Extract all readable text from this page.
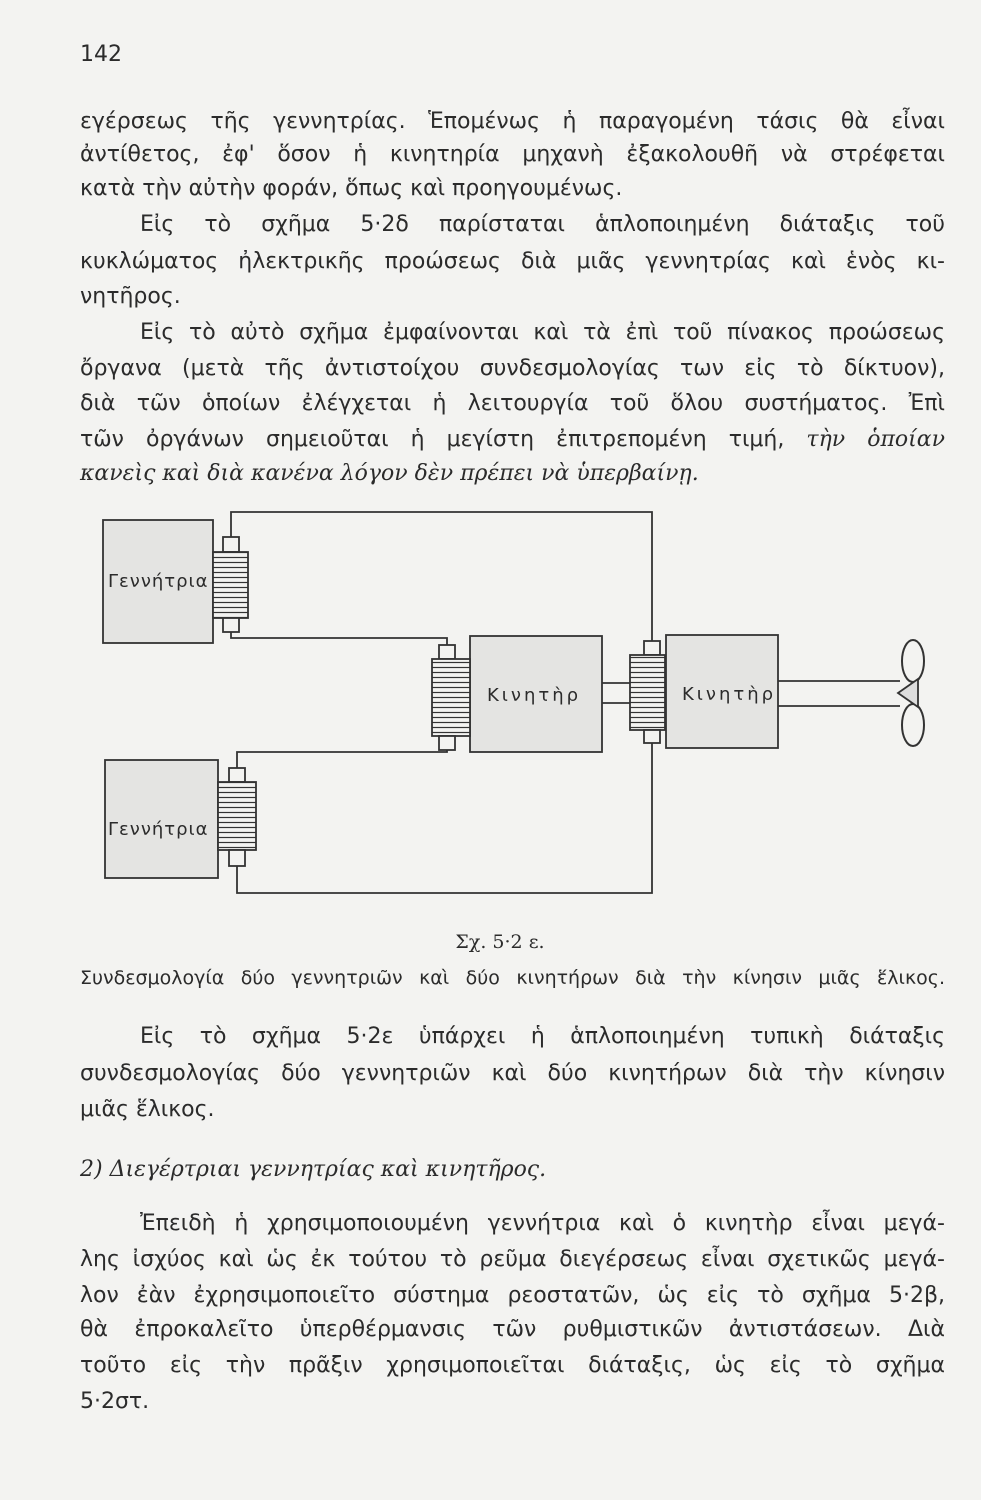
142
εγέρσεως τῆς γεννητρίας. Ἑπομένως ἡ παραγομένη τάσις θὰ εἶναι
ἀντίθετος, ἐφ' ὅσον ἡ κινητηρία μηχανὴ ἐξακολουθῆ νὰ στρέφεται
κατὰ τὴν αὐτὴν φοράν, ὅπως καὶ προηγουμένως.
Εἰς τὸ σχῆμα 5·2δ παρίσταται ἁπλοποιημένη διάταξις τοῦ
κυκλώματος ἠλεκτρικῆς προώσεως διὰ μιᾶς γεννητρίας καὶ ἑνὸς κι-
νητῆρος.
Εἰς τὸ αὐτὸ σχῆμα ἐμφαίνονται καὶ τὰ ἐπὶ τοῦ πίνακος προώσεως
ὄργανα (μετὰ τῆς ἀντιστοίχου συνδεσμολογίας των εἰς τὸ δίκτυον),
διὰ τῶν ὁποίων ἐλέγχεται ἡ λειτουργία τοῦ ὅλου συστήματος. Ἐπὶ
τῶν ὀργάνων σημειοῦται ἡ μεγίστη ἐπιτρεπομένη τιμή, τὴν ὁποίαν
κανεὶς καὶ διὰ κανένα λόγον δὲν πρέπει νὰ ὑπερβαίνῃ.
Γεννήτρια
Κινητὴρ	Κινητὴρ
Γεννήτρια
Σχ. 5·2 ε.
Συνδεσμολογία δύο γεννητριῶν καὶ δύο κινητήρων διὰ τὴν κίνησιν μιᾶς ἕλικος.
Εἰς τὸ σχῆμα 5·2ε ὑπάρχει ἡ ἁπλοποιημένη τυπικὴ διάταξις
συνδεσμολογίας δύο γεννητριῶν καὶ δύο κινητήρων διὰ τὴν κίνησιν
μιᾶς ἕλικος.
2) Διεγέρτριαι γεννητρίας καὶ κινητῆρος.
Ἐπειδὴ ἡ χρησιμοποιουμένη γεννήτρια καὶ ὁ κινητὴρ εἶναι μεγά-
λης ἰσχύος καὶ ὡς ἐκ τούτου τὸ ρεῦμα διεγέρσεως εἶναι σχετικῶς μεγά-
λον ἐὰν ἐχρησιμοποιεῖτο σύστημα ρεοστατῶν, ὡς εἰς τὸ σχῆμα 5·2β,
θὰ ἐπροκαλεῖτο ὑπερθέρμανσις τῶν ρυθμιστικῶν ἀντιστάσεων. Διὰ
τοῦτο εἰς τὴν πρᾶξιν χρησιμοποιεῖται διάταξις, ὡς εἰς τὸ σχῆμα
5·2στ.
